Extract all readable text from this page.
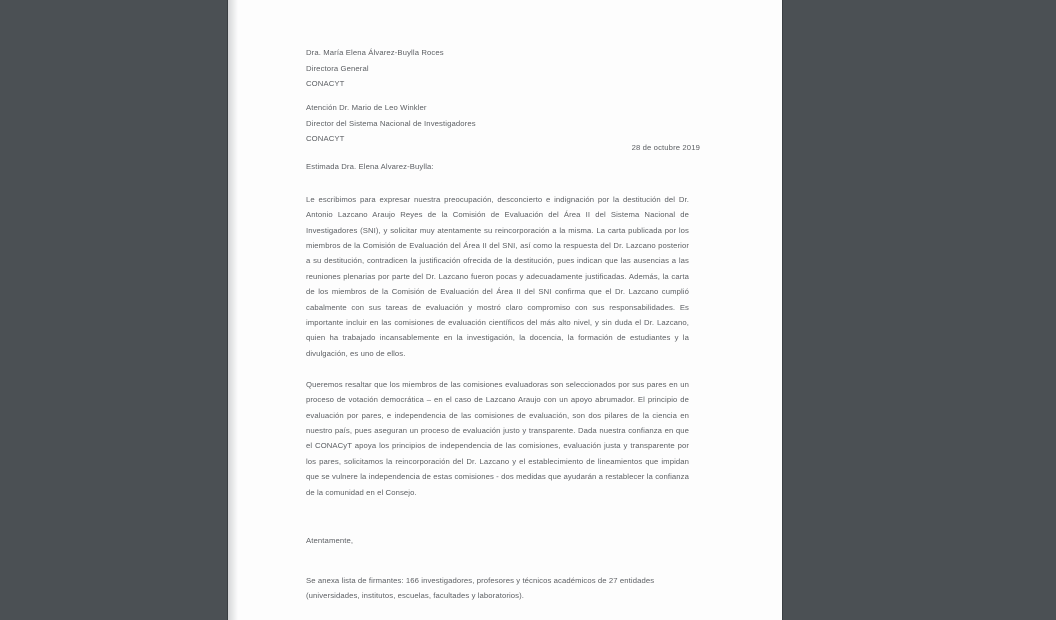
Dra. María Elena Álvarez-Buylla Roces
Directora General
CONACYT
Atención Dr. Mario de Leo Winkler
Director del Sistema Nacional de Investigadores
CONACYT
28 de octubre 2019
Estimada Dra. Elena Alvarez-Buylla:

Le escribimos para expresar nuestra preocupación, desconcierto e indignación por la destitución del Dr. Antonio Lazcano Araujo Reyes de la Comisión de Evaluación del Área II del Sistema Nacional de Investigadores (SNI), y solicitar muy atentamente su reincorporación a la misma. La carta publicada por los miembros de la Comisión de Evaluación del Área II del SNI, así como la respuesta del Dr. Lazcano posterior a su destitución, contradicen la justificación ofrecida de la destitución, pues indican que las ausencias a las reuniones plenarias por parte del Dr. Lazcano fueron pocas y adecuadamente justificadas. Además, la carta de los miembros de la Comisión de Evaluación del Área II del SNI confirma que el Dr. Lazcano cumplió cabalmente con sus tareas de evaluación y mostró claro compromiso con sus responsabilidades. Es importante incluir en las comisiones de evaluación científicos del más alto nivel, y sin duda el Dr. Lazcano, quien ha trabajado incansablemente en la investigación, la docencia, la formación de estudiantes y la divulgación, es uno de ellos.

Queremos resaltar que los miembros de las comisiones evaluadoras son seleccionados por sus pares en un proceso de votación democrática – en el caso de Lazcano Araujo con un apoyo abrumador. El principio de evaluación por pares, e independencia de las comisiones de evaluación, son dos pilares de la ciencia en nuestro país, pues aseguran un proceso de evaluación justo y transparente. Dada nuestra confianza en que el CONACyT apoya los principios de independencia de las comisiones, evaluación justa y transparente por los pares, solicitamos la reincorporación del Dr. Lazcano y el establecimiento de lineamientos que impidan que se vulnere la independencia de estas comisiones - dos medidas que ayudarán a restablecer la confianza de la comunidad en el Consejo.

Atentamente,
Se anexa lista de firmantes: 166 investigadores, profesores y técnicos académicos de 27 entidades (universidades, institutos, escuelas, facultades y laboratorios).
